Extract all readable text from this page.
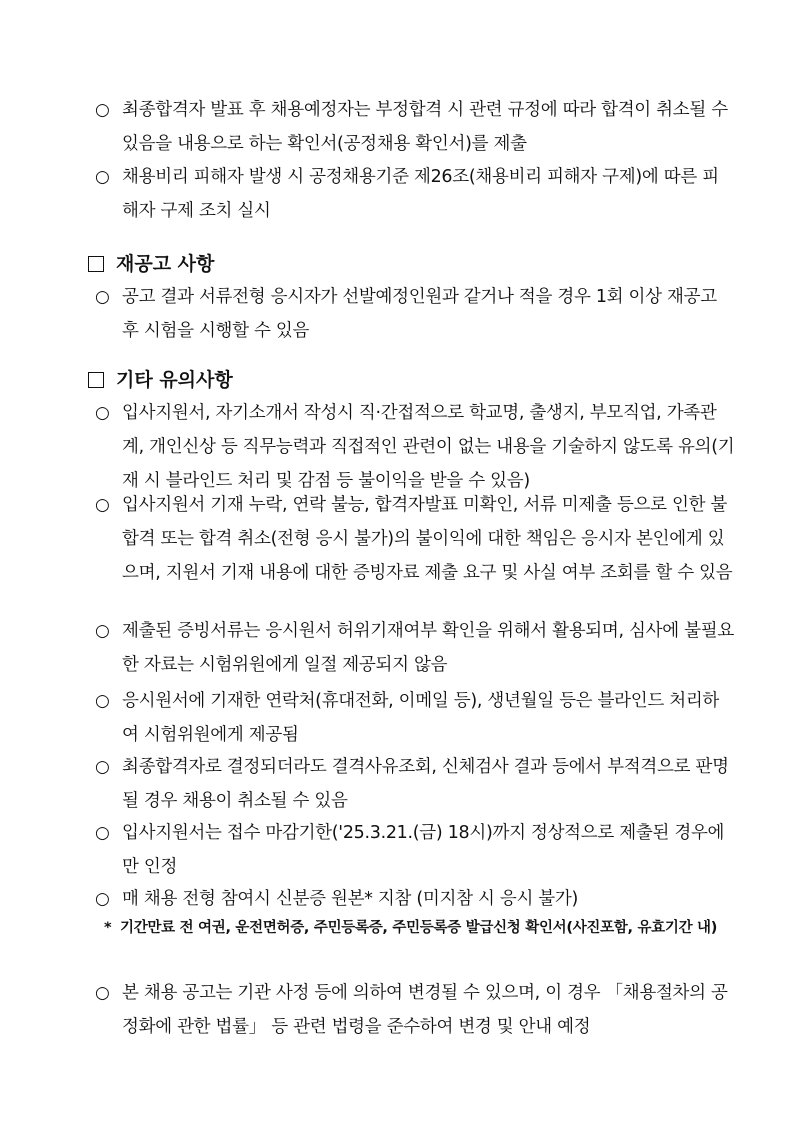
○ 최종합격자 발표 후 채용예정자는 부정합격 시 관련 규정에 따라 합격이 취소될 수 있음을 내용으로 하는 확인서(공정채용 확인서)를 제출
○ 채용비리 피해자 발생 시 공정채용기준 제26조(채용비리 피해자 구제)에 따른 피해자 구제 조치 실시
재공고 사항
○ 공고 결과 서류전형 응시자가 선발예정인원과 같거나 적을 경우 1회 이상 재공고 후 시험을 시행할 수 있음
기타 유의사항
○ 입사지원서, 자기소개서 작성시 직·간접적으로 학교명, 출생지, 부모직업, 가족관계, 개인신상 등 직무능력과 직접적인 관련이 없는 내용을 기술하지 않도록 유의(기재 시 블라인드 처리 및 감점 등 불이익을 받을 수 있음)
○ 입사지원서 기재 누락, 연락 불능, 합격자발표 미확인, 서류 미제출 등으로 인한 불합격 또는 합격 취소(전형 응시 불가)의 불이익에 대한 책임은 응시자 본인에게 있으며, 지원서 기재 내용에 대한 증빙자료 제출 요구 및 사실 여부 조회를 할 수 있음
○ 제출된 증빙서류는 응시원서 허위기재여부 확인을 위해서 활용되며, 심사에 불필요한 자료는 시험위원에게 일절 제공되지 않음
○ 응시원서에 기재한 연락처(휴대전화, 이메일 등), 생년월일 등은 블라인드 처리하여 시험위원에게 제공됨
○ 최종합격자로 결정되더라도 결격사유조회, 신체검사 결과 등에서 부적격으로 판명될 경우 채용이 취소될 수 있음
○ 입사지원서는 접수 마감기한('25.3.21.(금) 18시)까지 정상적으로 제출된 경우에만 인정
○ 매 채용 전형 참여시 신분증 원본* 지참 (미지참 시 응시 불가)
* 기간만료 전 여권, 운전면허증, 주민등록증, 주민등록증 발급신청 확인서(사진포함, 유효기간 내)
○ 본 채용 공고는 기관 사정 등에 의하여 변경될 수 있으며, 이 경우 「채용절차의 공정화에 관한 법률」 등 관련 법령을 준수하여 변경 및 안내 예정
